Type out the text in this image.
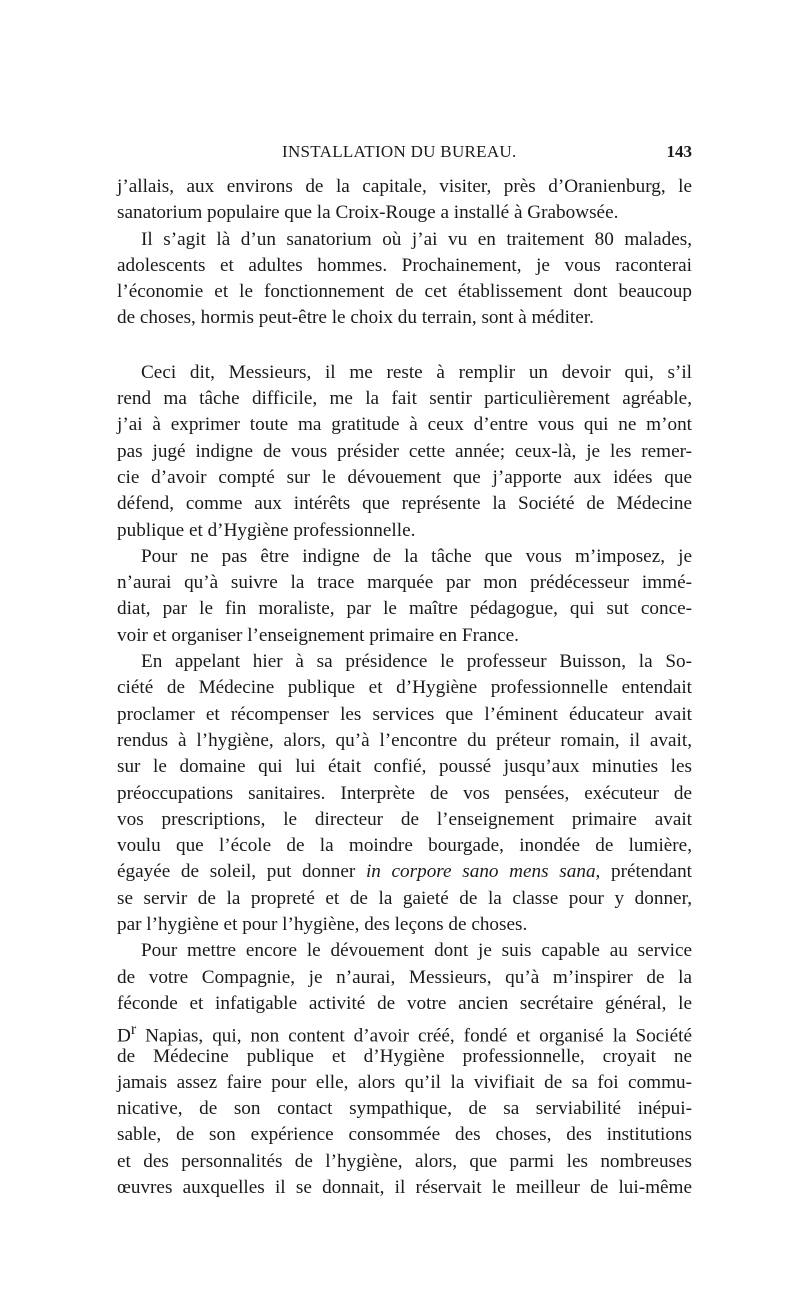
INSTALLATION DU BUREAU.	143
j’allais, aux environs de la capitale, visiter, près d’Oranienburg, le
sanatorium populaire que la Croix-Rouge a installé à Grabowsée.
Il s’agit là d’un sanatorium où j’ai vu en traitement 80 malades,
adolescents et adultes hommes. Prochainement, je vous raconterai
l’économie et le fonctionnement de cet établissement dont beaucoup
de choses, hormis peut-être le choix du terrain, sont à méditer.
Ceci dit, Messieurs, il me reste à remplir un devoir qui, s’il
rend ma tâche difficile, me la fait sentir particulièrement agréable,
j’ai à exprimer toute ma gratitude à ceux d’entre vous qui ne m’ont
pas jugé indigne de vous présider cette année; ceux-là, je les remer-
cie d’avoir compté sur le dévouement que j’apporte aux idées que
défend, comme aux intérêts que représente la Société de Médecine
publique et d’Hygiène professionnelle.
Pour ne pas être indigne de la tâche que vous m’imposez, je
n’aurai qu’à suivre la trace marquée par mon prédécesseur immé-
diat, par le fin moraliste, par le maître pédagogue, qui sut conce-
voir et organiser l’enseignement primaire en France.
En appelant hier à sa présidence le professeur Buisson, la So-
ciété de Médecine publique et d’Hygiène professionnelle entendait
proclamer et récompenser les services que l’éminent éducateur avait
rendus à l’hygiène, alors, qu’à l’encontre du préteur romain, il avait,
sur le domaine qui lui était confié, poussé jusqu’aux minuties les
préoccupations sanitaires. Interprète de vos pensées, exécuteur de
vos prescriptions, le directeur de l’enseignement primaire avait
voulu que l’école de la moindre bourgade, inondée de lumière,
égayée de soleil, put donner in corpore sano mens sana, prétendant
se servir de la propreté et de la gaieté de la classe pour y donner,
par l’hygiène et pour l’hygiène, des leçons de choses.
Pour mettre encore le dévouement dont je suis capable au service
de votre Compagnie, je n’aurai, Messieurs, qu’à m’inspirer de la
féconde et infatigable activité de votre ancien secrétaire général, le
$D^r$ Napias, qui, non content d’avoir créé, fondé et organisé la Société
de Médecine publique et d’Hygiène professionnelle, croyait ne
jamais assez faire pour elle, alors qu’il la vivifiait de sa foi commu-
nicative, de son contact sympathique, de sa serviabilité inépui-
sable, de son expérience consommée des choses, des institutions
et des personnalités de l’hygiène, alors, que parmi les nombreuses
œuvres auxquelles il se donnait, il réservait le meilleur de lui-même
